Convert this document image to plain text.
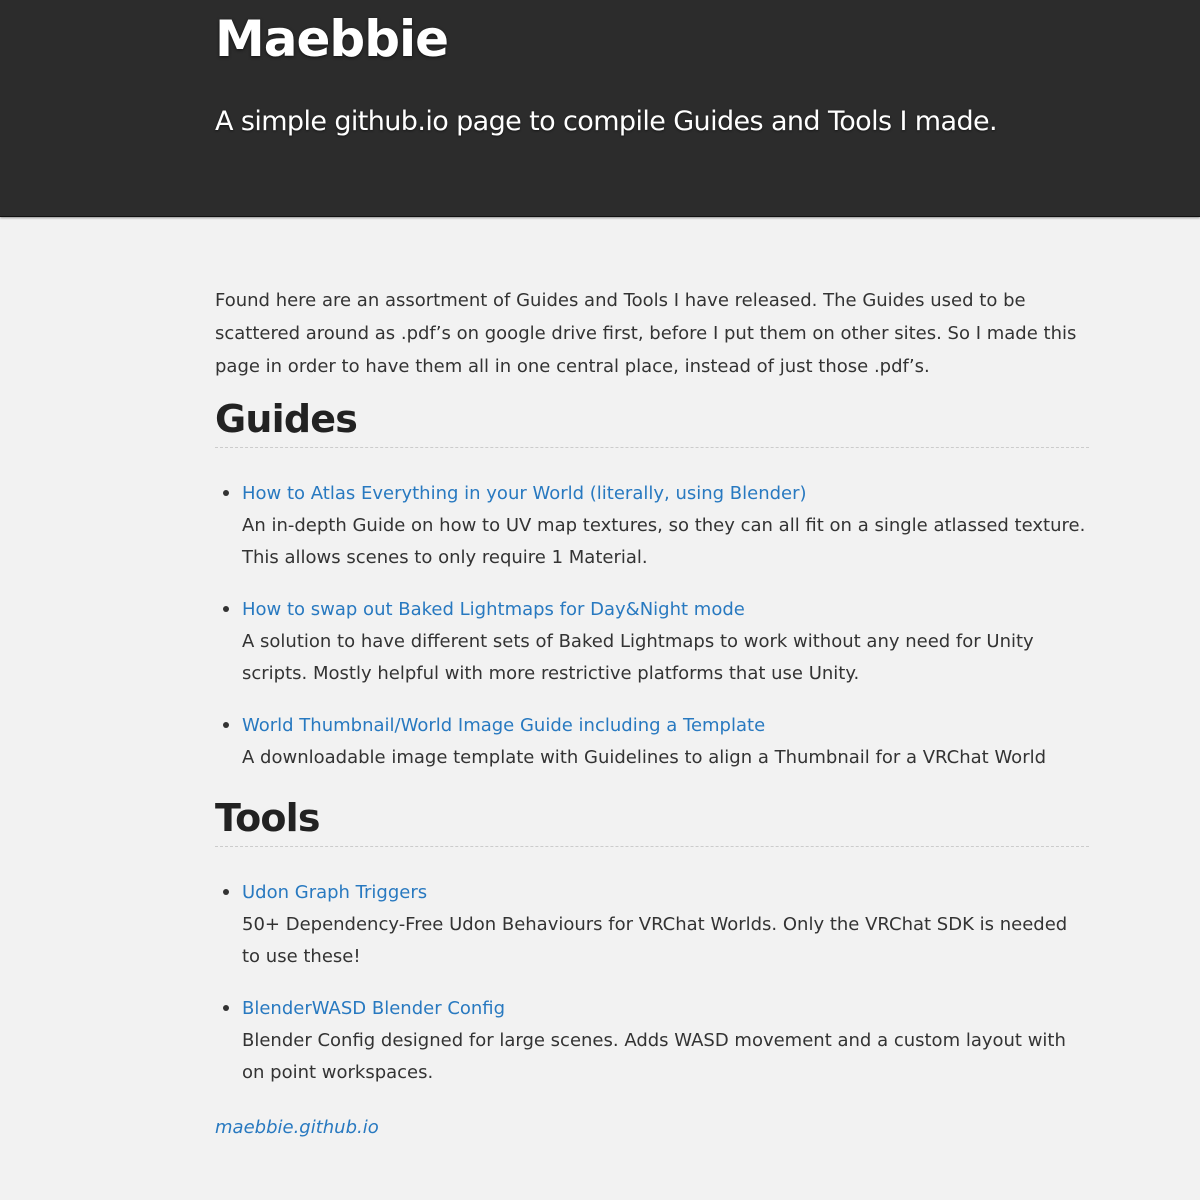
Maebbie
A simple github.io page to compile Guides and Tools I made.

Found here are an assortment of Guides and Tools I have released. The Guides used to be scattered around as .pdf’s on google drive first, before I put them on other sites. So I made this page in order to have them all in one central place, instead of just those .pdf’s.

Guides
How to Atlas Everything in your World (literally, using Blender)
An in-depth Guide on how to UV map textures, so they can all fit on a single atlassed texture. This allows scenes to only require 1 Material.
How to swap out Baked Lightmaps for Day&Night mode
A solution to have different sets of Baked Lightmaps to work without any need for Unity scripts. Mostly helpful with more restrictive platforms that use Unity.
World Thumbnail/World Image Guide including a Template
A downloadable image template with Guidelines to align a Thumbnail for a VRChat World
Tools
Udon Graph Triggers
50+ Dependency-Free Udon Behaviours for VRChat Worlds. Only the VRChat SDK is needed to use these!
BlenderWASD Blender Config
Blender Config designed for large scenes. Adds WASD movement and a custom layout with on point workspaces.
maebbie.github.io
